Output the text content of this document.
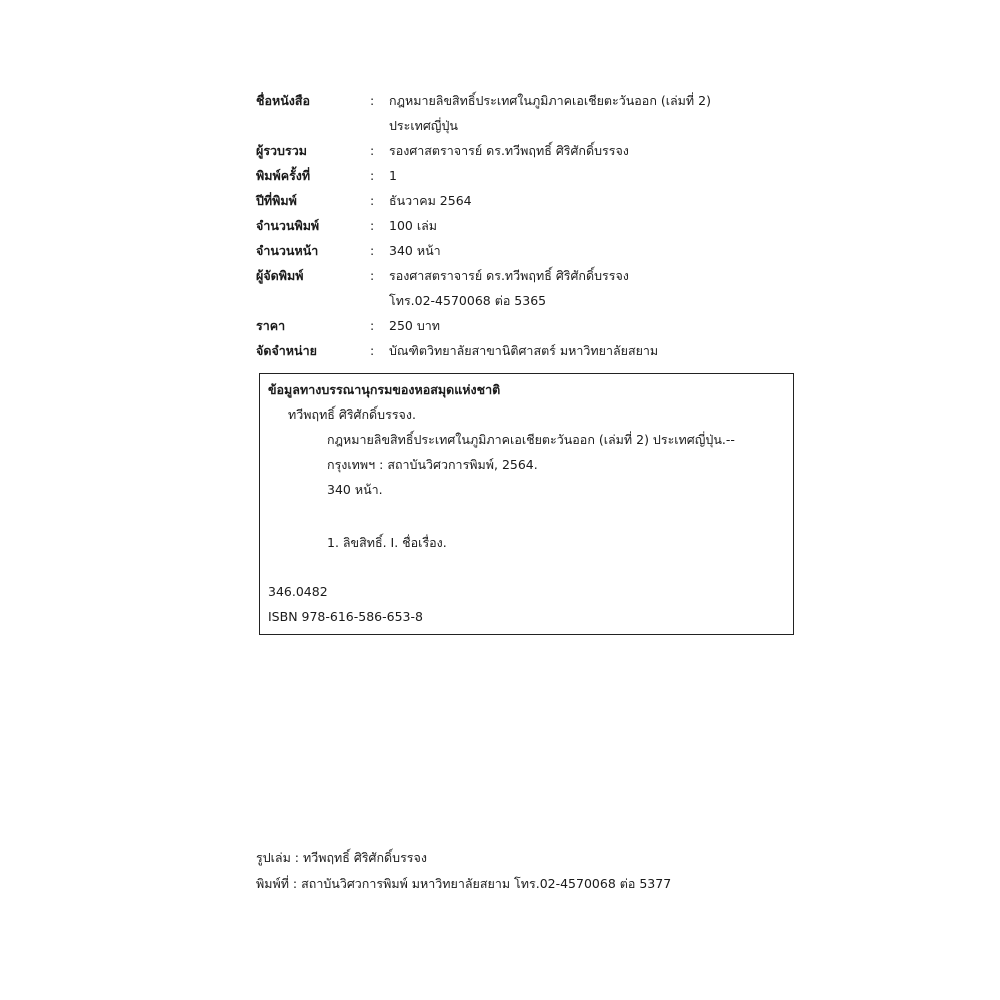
ชื่อหนังสือ	: กฎหมายลิขสิทธิ์ประเทศในภูมิภาคเอเชียตะวันออก (เล่มที่ 2)
ประเทศญี่ปุ่น
ผู้รวบรวม	: รองศาสตราจารย์ ดร.ทวีพฤทธิ์ ศิริศักดิ์บรรจง
พิมพ์ครั้งที่	: 1
ปีที่พิมพ์	: ธันวาคม 2564
จำนวนพิมพ์	: 100 เล่ม
จำนวนหน้า	: 340 หน้า
ผู้จัดพิมพ์	: รองศาสตราจารย์ ดร.ทวีพฤทธิ์ ศิริศักดิ์บรรจง
โทร.02-4570068 ต่อ 5365
ราคา	: 250 บาท
จัดจำหน่าย	: บัณฑิตวิทยาลัยสาขานิติศาสตร์ มหาวิทยาลัยสยาม
ข้อมูลทางบรรณานุกรมของหอสมุดแห่งชาติ
ทวีพฤทธิ์ ศิริศักดิ์บรรจง.
กฎหมายลิขสิทธิ์ประเทศในภูมิภาคเอเชียตะวันออก (เล่มที่ 2) ประเทศญี่ปุ่น.--
กรุงเทพฯ : สถาบันวิศวการพิมพ์, 2564.
340 หน้า.
1. ลิขสิทธิ์. I. ชื่อเรื่อง.
346.0482
ISBN 978-616-586-653-8
รูปเล่ม : ทวีพฤทธิ์ ศิริศักดิ์บรรจง
พิมพ์ที่ : สถาบันวิศวการพิมพ์ มหาวิทยาลัยสยาม โทร.02-4570068 ต่อ 5377
